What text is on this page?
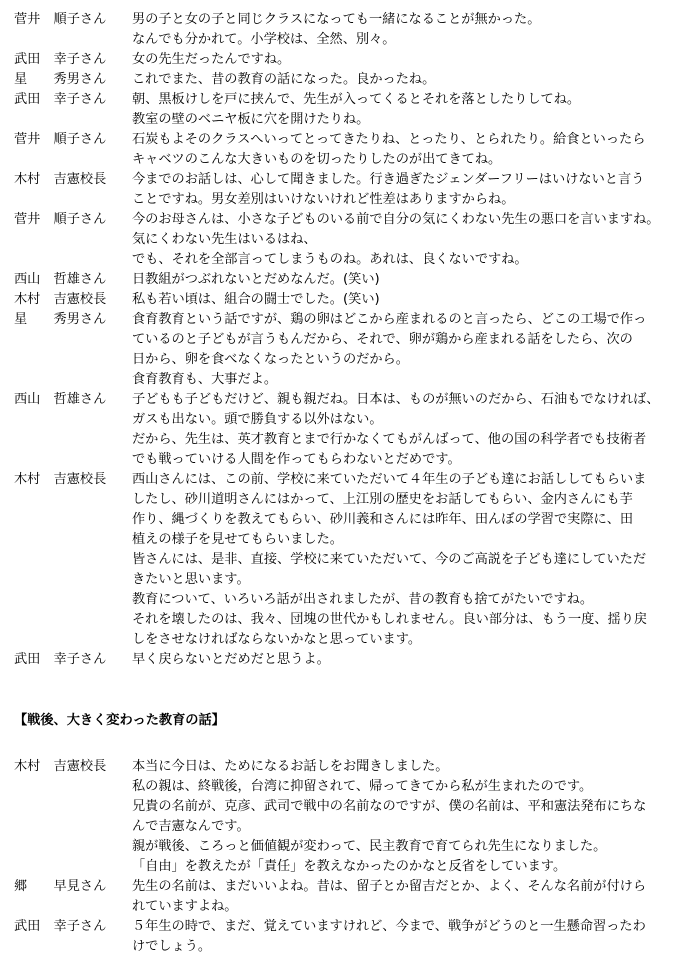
菅井　順子さん	男の子と女の子と同じクラスになっても一緒になることが無かった。
なんでも分かれて。小学校は、全然、別々。
武田　幸子さん	女の先生だったんですね。
星　　秀男さん	これでまた、昔の教育の話になった。良かったね。
武田　幸子さん	朝、黒板けしを戸に挟んで、先生が入ってくるとそれを落としたりしてね。
教室の壁のベニヤ板に穴を開けたりね。
菅井　順子さん	石炭もよそのクラスへいってとってきたりね、とったり、とられたり。給食といったら
キャベツのこんな大きいものを切ったりしたのが出てきてね。
木村　吉憲校長	今までのお話しは、心して聞きました。行き過ぎたジェンダーフリーはいけないと言う
ことですね。男女差別はいけないけれど性差はありますからね。
菅井　順子さん	今のお母さんは、小さな子どものいる前で自分の気にくわない先生の悪口を言いますね。
気にくわない先生はいるはね、
でも、それを全部言ってしまうものね。あれは、良くないですね。
西山　哲雄さん	日教組がつぶれないとだめなんだ。(笑い)
木村　吉憲校長	私も若い頃は、組合の闘士でした。(笑い)
星　　秀男さん	食育教育という話ですが、鶏の卵はどこから産まれるのと言ったら、どこの工場で作っ
ているのと子どもが言うもんだから、それで、卵が鶏から産まれる話をしたら、次の
日から、卵を食べなくなったというのだから。
食育教育も、大事だよ。
西山　哲雄さん	子どもも子どもだけど、親も親だね。日本は、ものが無いのだから、石油もでなければ、
ガスも出ない。頭で勝負する以外はない。
だから、先生は、英才教育とまで行かなくてもがんばって、他の国の科学者でも技術者
でも戦っていける人間を作ってもらわないとだめです。
木村　吉憲校長	西山さんには、この前、学校に来ていただいて４年生の子ども達にお話ししてもらいま
したし、砂川道明さんにはかって、上江別の歴史をお話してもらい、金内さんにも芋
作り、縄づくりを教えてもらい、砂川義和さんには昨年、田んぼの学習で実際に、田
植えの様子を見せてもらいました。
皆さんには、是非、直接、学校に来ていただいて、今のご高説を子ども達にしていただ
きたいと思います。
教育について、いろいろ話が出されましたが、昔の教育も捨てがたいですね。
それを壊したのは、我々、団塊の世代かもしれません。良い部分は、もう一度、揺り戻
しをさせなければならないかなと思っています。
武田　幸子さん	早く戻らないとだめだと思うよ。
【戦後、大きく変わった教育の話】
木村　吉憲校長	本当に今日は、ためになるお話しをお聞きしました。
私の親は、終戦後，台湾に抑留されて、帰ってきてから私が生まれたのです。
兄貴の名前が、克彦、武司で戦中の名前なのですが、僕の名前は、平和憲法発布にちな
んで吉憲なんです。
親が戦後、ころっと価値観が変わって、民主教育で育てられ先生になりました。
「自由」を教えたが「責任」を教えなかったのかなと反省をしています。
郷　　早見さん	先生の名前は、まだいいよね。昔は、留子とか留吉だとか、よく、そんな名前が付けら
れていますよね。
武田　幸子さん	５年生の時で、まだ、覚えていますけれど、今まで、戦争がどうのと一生懸命習ったわ
けでしょう。
